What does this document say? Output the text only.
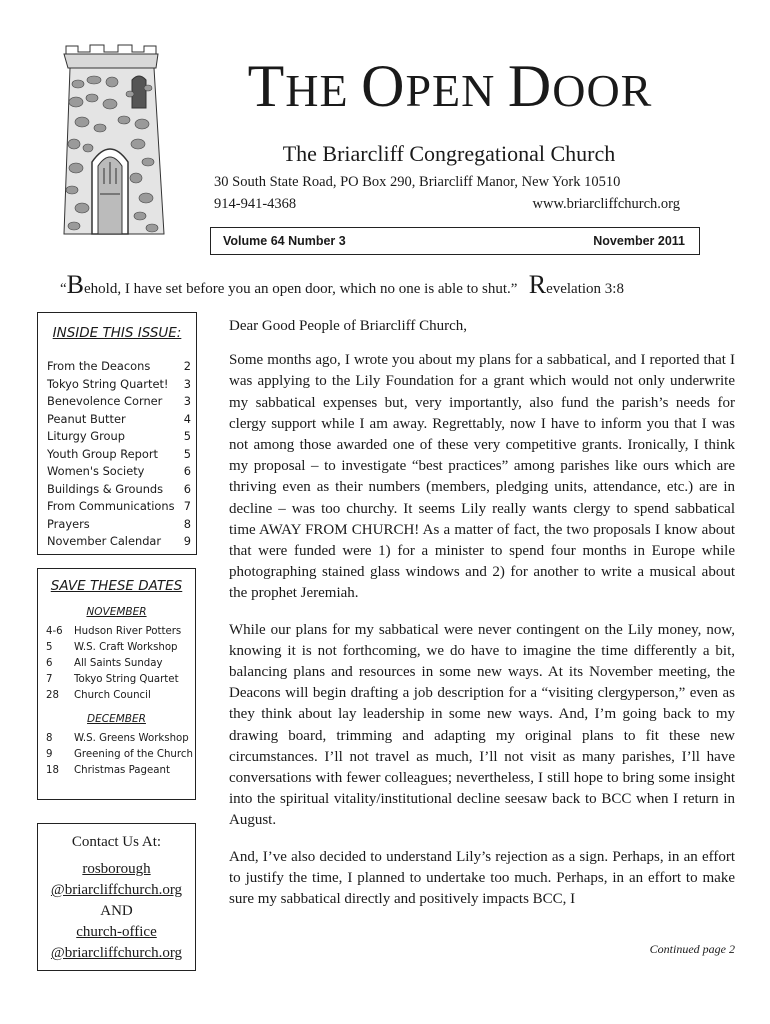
THE OPEN DOOR
The Briarcliff Congregational Church
30 South State Road, PO Box 290, Briarcliff Manor, New York 10510
914-941-4368	www.briarcliffchurch.org
Volume 64 Number 3	November 2011
“Behold, I have set before you an open door, which no one is able to shut.” Revelation 3:8
INSIDE THIS ISSUE:
From the Deacons	2
Tokyo String Quartet! 3
Benevolence Corner 3
Peanut Butter	4
Liturgy Group	5
Youth Group Report 5
Women's Society	6
Buildings & Grounds 6
From Communications 7
Prayers	8
November Calendar 9
SAVE THESE DATES
NOVEMBER
4-6 Hudson River Potters
5 W.S. Craft Workshop
6 All Saints Sunday
7 Tokyo String Quartet
28 Church Council
DECEMBER
8 W.S. Greens Workshop
9 Greening of the Church
18 Christmas Pageant
Contact Us At:
rosborough
@briarcliffchurch.org
AND
church-office
@briarcliffchurch.org

Dear Good People of Briarcliff Church,

Some months ago, I wrote you about my plans for a sabbatical, and I reported that I was applying to the Lily Foundation for a grant which would not only underwrite my sabbatical expenses but, very importantly, also fund the parish’s needs for clergy support while I am away. Regrettably, now I have to inform you that I was not among those awarded one of these very competitive grants. Ironically, I think my proposal – to investigate “best practices” among parishes like ours which are thriving even as their numbers (members, pledging units, attendance, etc.) are in decline – was too churchy. It seems Lily really wants clergy to spend sabbatical time AWAY FROM CHURCH! As a matter of fact, the two proposals I know about that were funded were 1) for a minister to spend four months in Europe while photographing stained glass windows and 2) for another to write a musical about the prophet Jeremiah.

While our plans for my sabbatical were never contingent on the Lily money, now, knowing it is not forthcoming, we do have to imagine the time differently a bit, balancing plans and resources in some new ways. At its November meeting, the Deacons will begin drafting a job description for a “visiting clergyperson,” even as they think about lay leadership in some new ways. And, I’m going back to my drawing board, trimming and adapting my original plans to fit these new circumstances. I’ll not travel as much, I’ll not visit as many parishes, I’ll have conversations with fewer colleagues; nevertheless, I still hope to bring some insight into the spiritual vitality/institutional decline seesaw back to BCC when I return in August.

And, I’ve also decided to understand Lily’s rejection as a sign. Perhaps, in an effort to justify the time, I planned to undertake too much. Perhaps, in an effort to make sure my sabbatical directly and positively impacts BCC, I

Continued page 2
